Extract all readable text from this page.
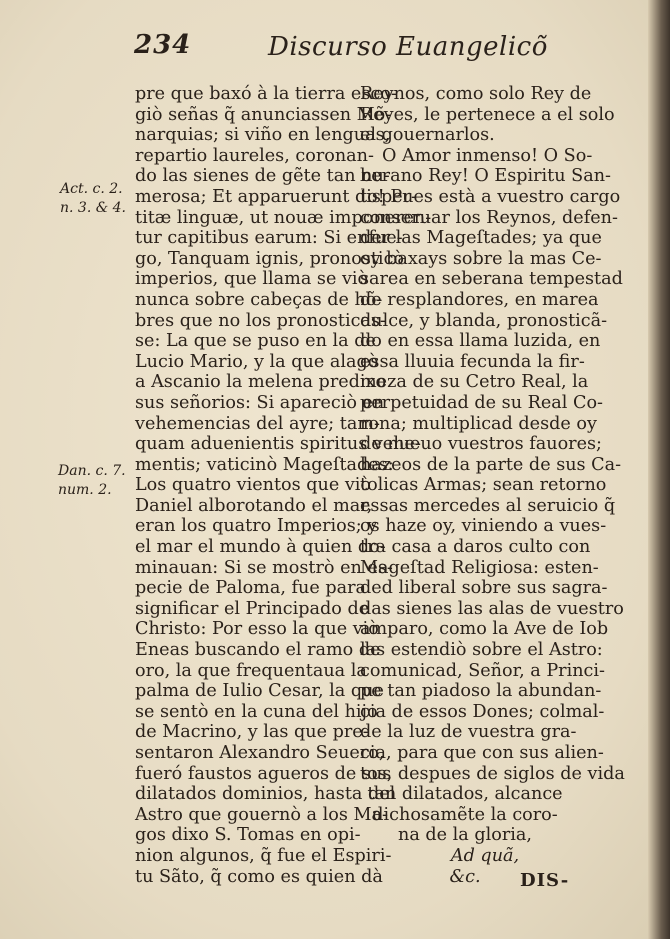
234	Discurso Euangelicõ
Act. c. 2.
n. 3. & 4.
Dan. c. 7.
num. 2.
pre que baxó à la tierra esco-
giò señas q̃ anunciassen Mõ-
narquias; si viño en lenguas,
repartio laureles, coronan-
do las sienes de gẽte tan nu-
merosa; Et apparuerunt disper-
titæ linguæ, ut nouæ imponeren-
tur capitibus earum: Si enfue-
go, Tanquam ignis, pronosticò
imperios, que llama se viò
nunca sobre cabeças de hõ-
bres que no los pronosticas-
se: La que se puso en la de
Lucio Mario, y la que alagò
a Ascanio la melena predixo
sus señorios: Si apareciò en
vehemencias del ayre; tam-
quam aduenientis spiritus vehe-
mentis; vaticinò Mageſtades:
Los quatro vientos que viò
Daniel alborotando el mar,
eran los quatro Imperios; y
el mar el mundo à quien do-
minauan: Si se mostrò en es-
pecie de Paloma, fue para
significar el Principado de
Christo: Por esso la que viò
Eneas buscando el ramo de
oro, la que frequentaua la
palma de Iulio Cesar, la que
se sentò en la cuna del hijo
de Macrino, y las que pre-
sentaron Alexandro Seuero,
fueró faustos agueros de sus
dilatados dominios, hasta del
Astro que gouernò a los Ma-
gos dixo S. Tomas en opi-
nion algunos, q̃ fue el Espiri-
tu Sãto, q̃ como es quien dà
Reynos, como solo Rey de
Reyes, le pertenece a el solo
el gouernarlos.
O Amor inmenso! O So-
berano Rey! O Espiritu San-
to! Pues està a vuestro cargo
conseruar los Reynos, defen-
der las Mageſtades; ya que
oy baxays sobre la mas Ce-
sarea en seberana tempestad
de resplandores, en marea
dulce, y blanda, pronosticã-
do en essa llama luzida, en
essa lluuia fecunda la fir-
meza de su Cetro Real, la
perpetuidad de su Real Co-
rona; multiplicad desde oy
de nueuo vuestros fauores;
hazeos de la parte de sus Ca-
tolicas Armas; sean retorno
essas mercedes al seruicio q̃
os haze oy, viniendo a vues-
tra casa a daros culto con
Mageſtad Religiosa: esten-
ded liberal sobre sus sagra-
das sienes las alas de vuestro
amparo, como la Ave de Iob
las estendiò sobre el Astro:
comunicad, Señor, a Princi-
pe tan piadoso la abundan-
cia de essos Dones; colmal-
de la luz de vuestra gra-
cia, para que con sus alien-
tos, despues de siglos de vida
tan dilatados, alcance
dichosamẽte la coro-
na de la gloria,
Ad quã,
&c.	DIS-
